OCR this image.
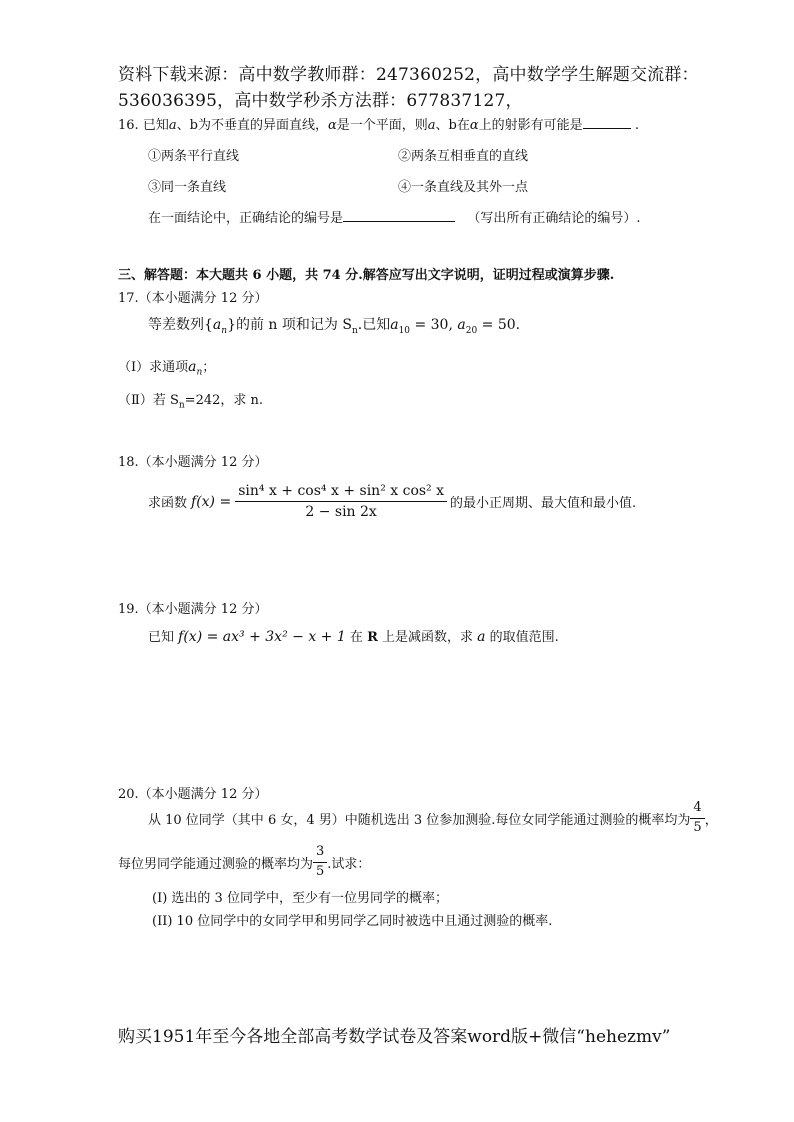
资料下载来源：高中数学教师群：247360252，高中数学学生解题交流群：
536036395，高中数学秒杀方法群：677837127，
16. 已知a、b为不垂直的异面直线，α是一个平面，则a、b在α上的射影有可能是	.
①两条平行直线	②两条互相垂直的直线
③同一条直线	④一条直线及其外一点
在一面结论中，正确结论的编号是	（写出所有正确结论的编号）.
三、解答题：本大题共 6 小题，共 74 分.解答应写出文字说明，证明过程或演算步骤.
17.（本小题满分 12 分）
等差数列$\{a_n\}$的前 n 项和记为 $S_n$.已知$a_{10} = 30$, $a_{20} = 50$.
（Ⅰ）求通项$a_n$；
（Ⅱ）若 $S_n=242$，求 n.
18.（本小题满分 12 分）
求函数 $f(x) = \frac{\text{sin⁴ x + cos⁴ x + sin² x cos² x}}{2 - \sin 2x}$ 的最小正周期、最大值和最小值.
19.（本小题满分 12 分）
已知 f(x) = ax³ + 3x² − x + 1 在 R 上是减函数，求 a 的取值范围.
20.（本小题满分 12 分）
从 10 位同学（其中 6 女，4 男）中随机选出 3 位参加测验.每位女同学能通过测验的概率均为 $\frac{4}{5}$ ，
每位男同学能通过测验的概率均为 $\frac{3}{5}$ .试求：
(I) 选出的 3 位同学中，至少有一位男同学的概率；
(II) 10 位同学中的女同学甲和男同学乙同时被选中且通过测验的概率.
购买1951年至今各地全部高考数学试卷及答案word版+微信“hehezmv”
